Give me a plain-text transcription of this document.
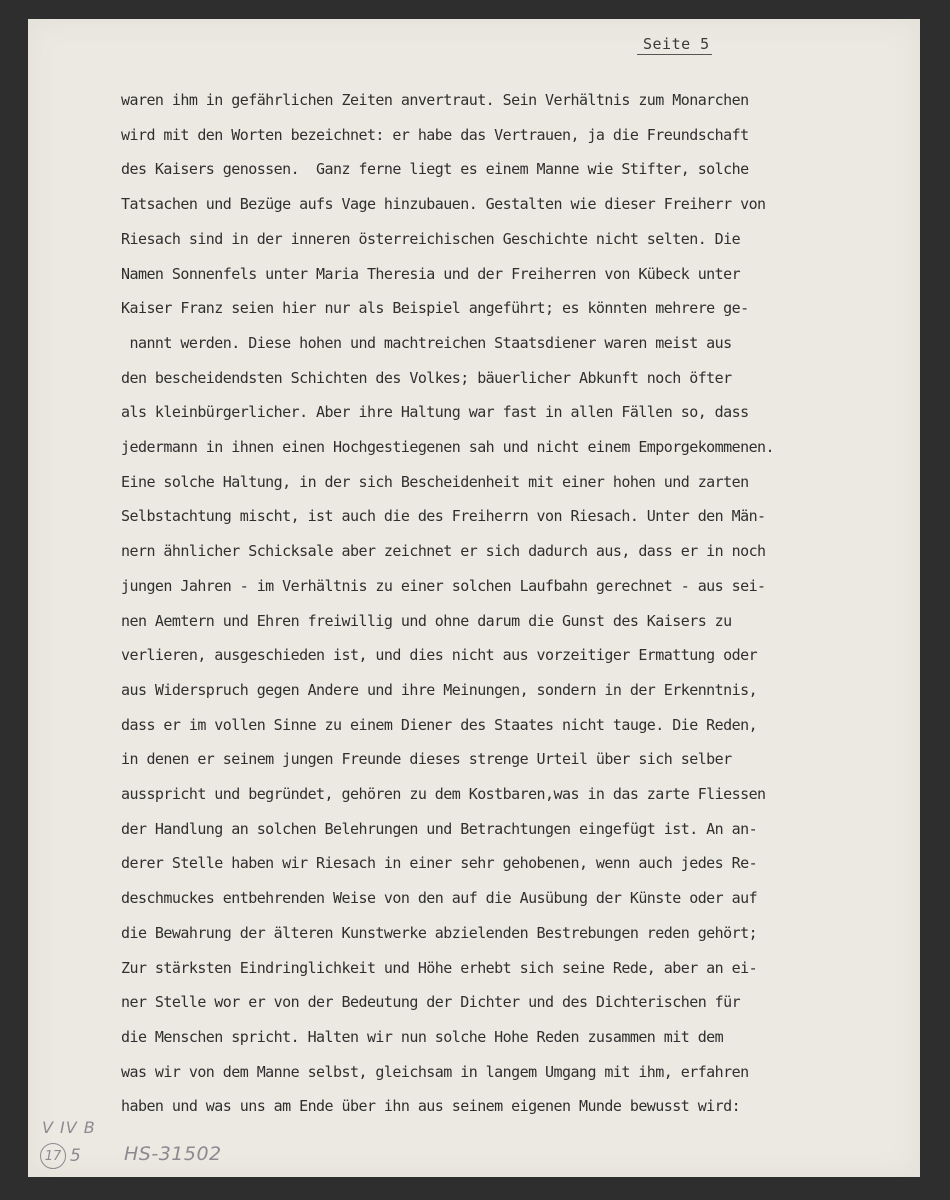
Seite 5
waren ihm in gefährlichen Zeiten anvertraut. Sein Verhältnis zum Monarchen
wird mit den Worten bezeichnet: er habe das Vertrauen, ja die Freundschaft
des Kaisers genossen.  Ganz ferne liegt es einem Manne wie Stifter, solche
Tatsachen und Bezüge aufs Vage hinzubauen. Gestalten wie dieser Freiherr von
Riesach sind in der inneren österreichischen Geschichte nicht selten. Die
Namen Sonnenfels unter Maria Theresia und der Freiherren von Kübeck unter
Kaiser Franz seien hier nur als Beispiel angeführt; es könnten mehrere ge-
nannt werden. Diese hohen und machtreichen Staatsdiener waren meist aus
den bescheidendsten Schichten des Volkes; bäuerlicher Abkunft noch öfter
als kleinbürgerlicher. Aber ihre Haltung war fast in allen Fällen so, dass
jedermann in ihnen einen Hochgestiegenen sah und nicht einem Emporgekommenen.
Eine solche Haltung, in der sich Bescheidenheit mit einer hohen und zarten
Selbstachtung mischt, ist auch die des Freiherrn von Riesach. Unter den Män-
nern ähnlicher Schicksale aber zeichnet er sich dadurch aus, dass er in noch
jungen Jahren - im Verhältnis zu einer solchen Laufbahn gerechnet - aus sei-
nen Aemtern und Ehren freiwillig und ohne darum die Gunst des Kaisers zu
verlieren, ausgeschieden ist, und dies nicht aus vorzeitiger Ermattung oder
aus Widerspruch gegen Andere und ihre Meinungen, sondern in der Erkenntnis,
dass er im vollen Sinne zu einem Diener des Staates nicht tauge. Die Reden,
in denen er seinem jungen Freunde dieses strenge Urteil über sich selber
ausspricht und begründet, gehören zu dem Kostbaren,was in das zarte Fliessen
der Handlung an solchen Belehrungen und Betrachtungen eingefügt ist. An an-
derer Stelle haben wir Riesach in einer sehr gehobenen, wenn auch jedes Re-
deschmuckes entbehrenden Weise von den auf die Ausübung der Künste oder auf
die Bewahrung der älteren Kunstwerke abzielenden Bestrebungen reden gehört;
Zur stärksten Eindringlichkeit und Höhe erhebt sich seine Rede, aber an ei-
ner Stelle wor er von der Bedeutung der Dichter und des Dichterischen für
die Menschen spricht. Halten wir nun solche Hohe Reden zusammen mit dem
was wir von dem Manne selbst, gleichsam in langem Umgang mit ihm, erfahren
haben und was uns am Ende über ihn aus seinem eigenen Munde bewusst wird:
V IV B
17 5 HS-31502
